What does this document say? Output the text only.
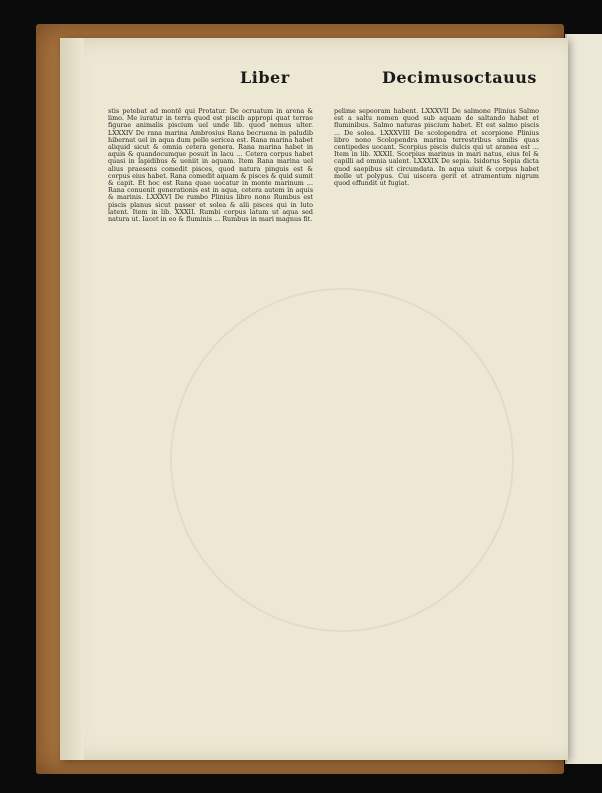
Liber	Decimusoctauus
stis petebat ad montē qui Protatur. De ocruatum in arena & limo. Me iuratur in terra quod est piscib appropi quat terrae figurae animalis piscium uel unde lib. quod nemus ulter. LXXXIV De rana marina Ambrosius Rana becruena in paludib hibernat uel in aqua dum pelle sericea est. Rana marina habet aliquid sicut & omnia cetera genera. Rana marina habet in aquis & quandocumque posuit in lacu ... Cetera corpus habet quasi in lapidibus & ueniit in aquam. Item Rana marina uel alius praesens comedit pisces, quod natura pinguis est & corpus eius habet. Rana comedit aquam & pisces & quid sumit & capit. Et hoc est Rana quae uocatur in monte marinum ... Rana conuenit generationis est in aqua, cetera autem in aquis & marinis. LXXXVI De rumbo Plinius libro nono Rumbus est piscis planus sicut passer et solea & alii pisces qui in luto latent. Item in lib. XXXII. Rumbi corpus latum ut aqua sed natura ut. Iacet in eo & fluminis ... Rumbus in mari magnus fit.
pelime sepeoram habent. LXXXVII De salmone Plinius Salmo est a saltu nomen quod sub aquam de saltando habet et fluminibus. Salmo naturas piscium habet. Et est salmo piscis ... De solea. LXXXVIII De scolopendra et scorpione Plinius libro nono Scolopendra marina terrestribus similis quas centipedes uocant. Scorpius piscis dulcis qui ut aranea est ... Item in lib. XXXII. Scorpius marinus in mari natus, eius fel & capilli ad omnia ualent. LXXXIX De sepia. Isidorus Sepia dicta quod saepibus sit circumdata. In aqua uiuit & corpus habet molle ut polypus. Cui uiscera gerit et atramentum nigrum quod effundit ut fugiat.
